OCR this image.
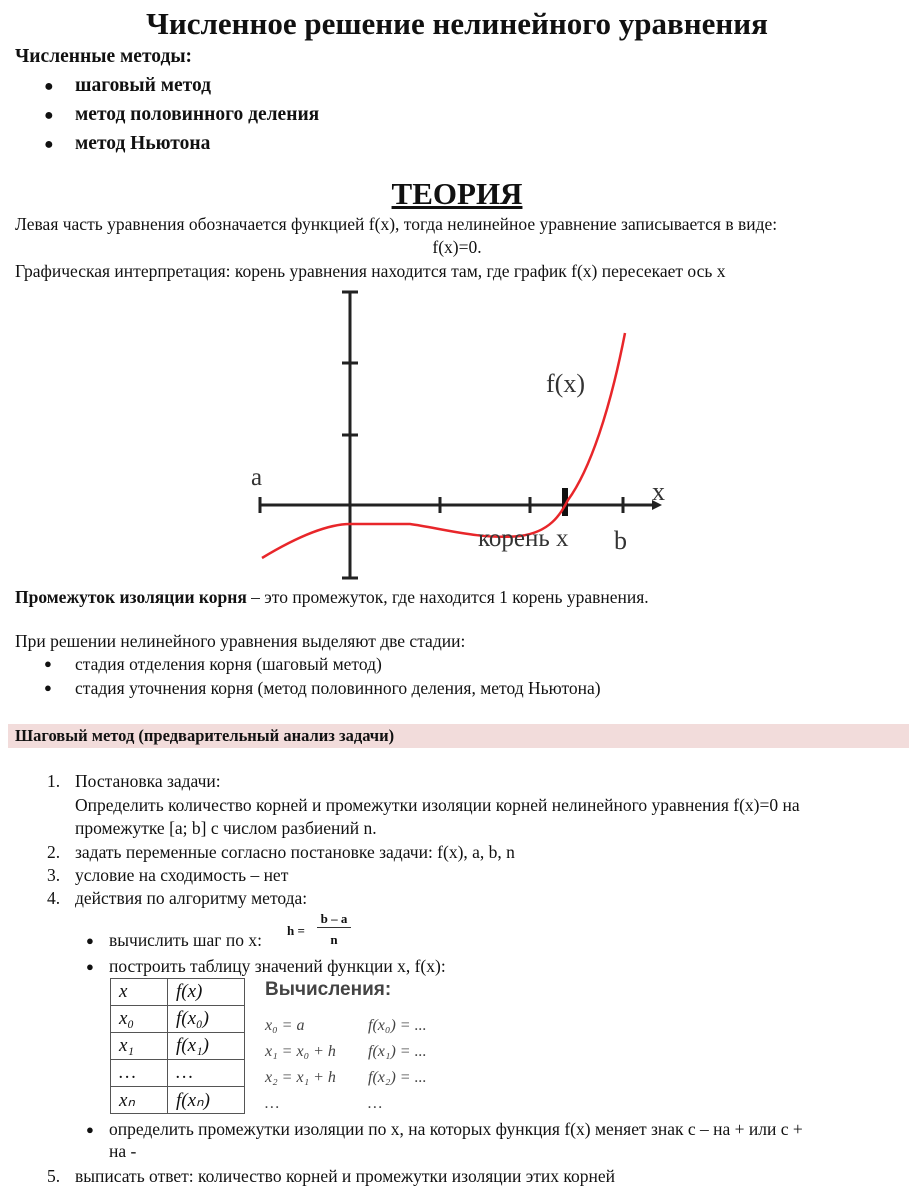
Численное решение нелинейного уравнения
Численные методы:
● шаговый метод
● метод половинного деления
● метод Ньютона
ТЕОРИЯ
Левая часть уравнения обозначается функцией f(x), тогда нелинейное уравнение записывается в виде:
f(x)=0.
Графическая интерпретация: корень уравнения находится там, где график f(x) пересекает ось x
a	x
f(x)
корень x b
Промежуток изоляции корня – это промежуток, где находится 1 корень уравнения.
При решении нелинейного уравнения выделяют две стадии:
● стадия отделения корня (шаговый метод)
● стадия уточнения корня (метод половинного деления, метод Ньютона)
Шаговый метод (предварительный анализ задачи)
1. Постановка задачи:
Определить количество корней и промежутки изоляции корней нелинейного уравнения f(x)=0 на
промежутке [a; b] с числом разбиений n.
2. задать переменные согласно постановке задачи: f(x), a, b, n
3. условие на сходимость – нет
4. действия по алгоритму метода:
● вычислить шаг по x: h =
b – a
n
● построить таблицу значений функции x, f(x):
x	f(x)
x₀	f(x₀)
x₁	f(x₁)
…	…
xₙ	f(xₙ)
Вычисления:
x₀ = a	f(x₀) = ...
x₁ = x₀ + h f(x₁) = ...
x₂ = x₁ + h f(x₂) = ...
…	…
● определить промежутки изоляции по x, на которых функция f(x) меняет знак с – на + или с +
на -
5. выписать ответ: количество корней и промежутки изоляции этих корней
